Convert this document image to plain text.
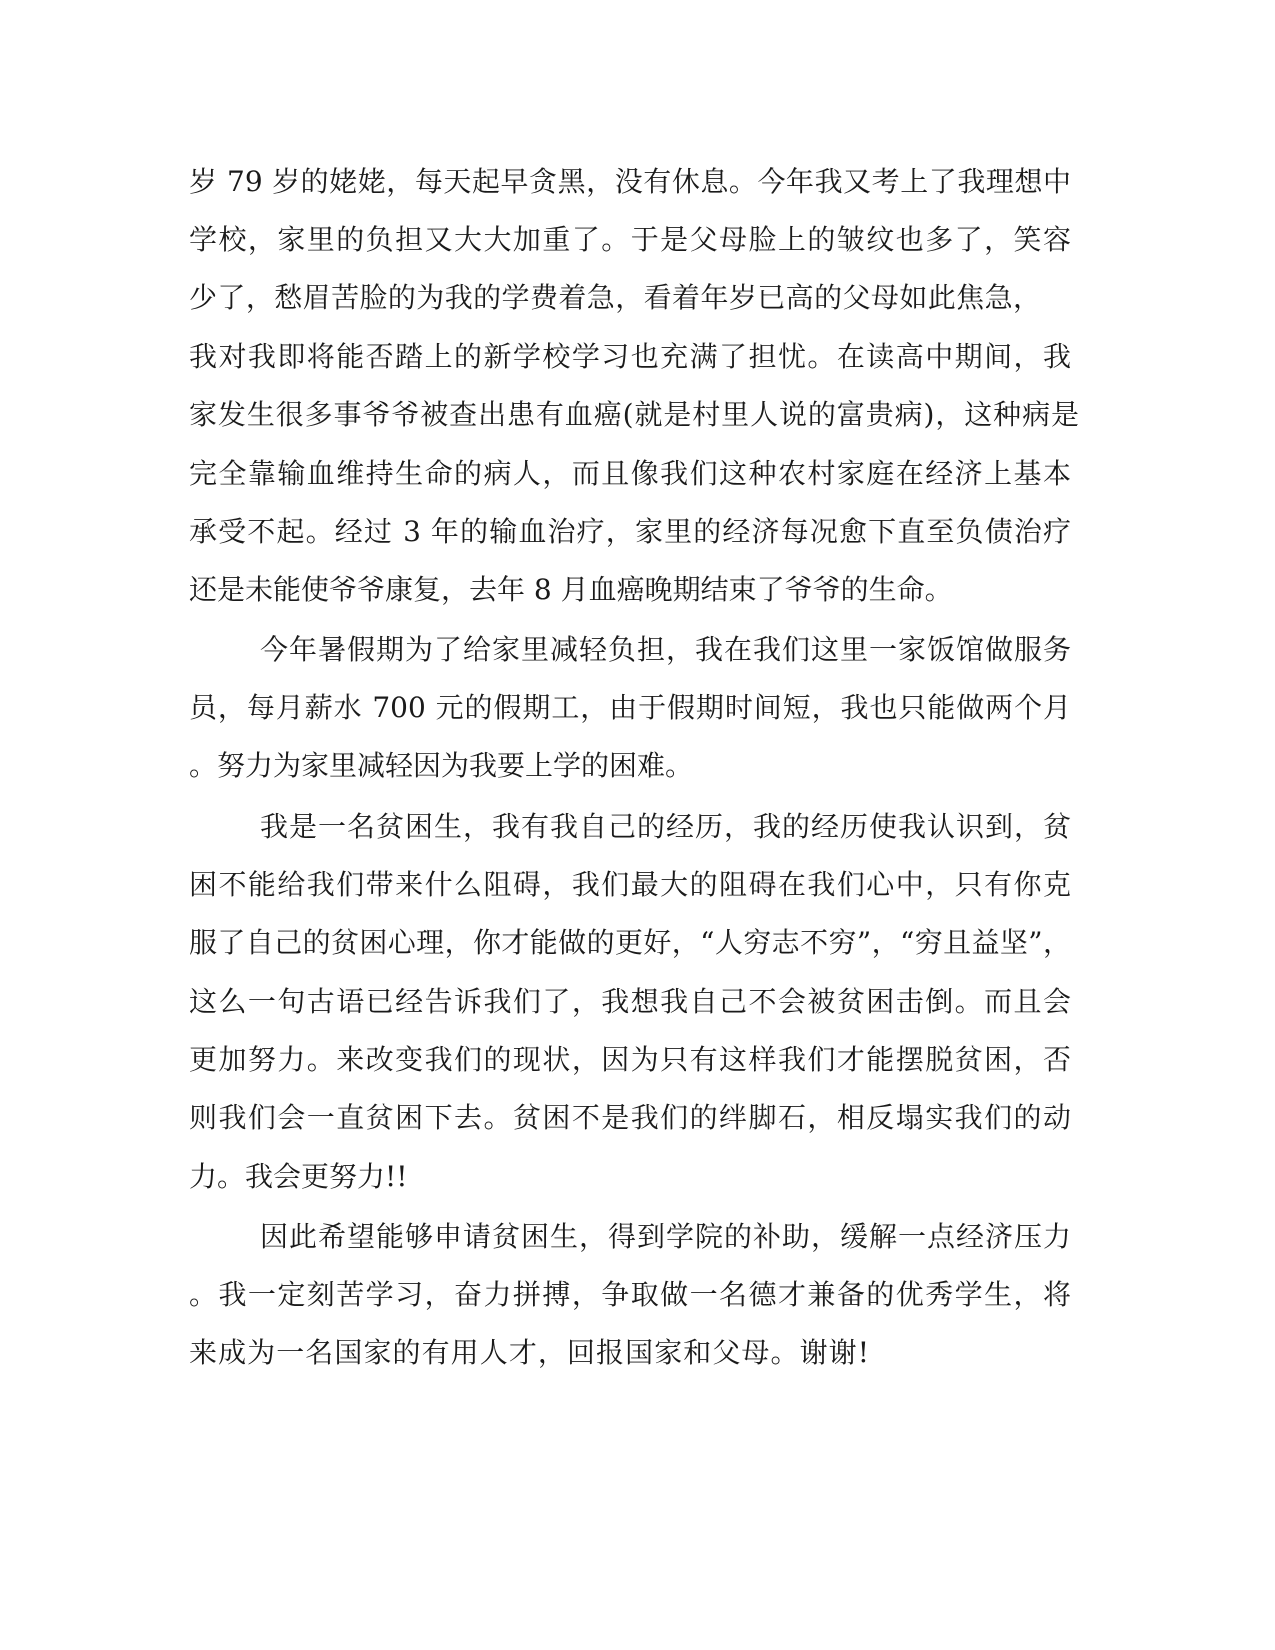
岁 79 岁的姥姥，每天起早贪黑，没有休息。今年我又考上了我理想中
学校，家里的负担又大大加重了。于是父母脸上的皱纹也多了，笑容
少了，愁眉苦脸的为我的学费着急，看着年岁已高的父母如此焦急，
我对我即将能否踏上的新学校学习也充满了担忧。在读高中期间，我
家发生很多事爷爷被查出患有血癌(就是村里人说的富贵病)，这种病是
完全靠输血维持生命的病人，而且像我们这种农村家庭在经济上基本
承受不起。经过 3 年的输血治疗，家里的经济每况愈下直至负债治疗
还是未能使爷爷康复，去年 8 月血癌晚期结束了爷爷的生命。
今年暑假期为了给家里减轻负担，我在我们这里一家饭馆做服务
员，每月薪水 700 元的假期工，由于假期时间短，我也只能做两个月
。努力为家里减轻因为我要上学的困难。
我是一名贫困生，我有我自己的经历，我的经历使我认识到，贫
困不能给我们带来什么阻碍，我们最大的阻碍在我们心中，只有你克
服了自己的贫困心理，你才能做的更好，“人穷志不穷”，“穷且益坚”，
这么一句古语已经告诉我们了，我想我自己不会被贫困击倒。而且会
更加努力。来改变我们的现状，因为只有这样我们才能摆脱贫困，否
则我们会一直贫困下去。贫困不是我们的绊脚石，相反塌实我们的动
力。我会更努力!!
因此希望能够申请贫困生，得到学院的补助，缓解一点经济压力
。我一定刻苦学习，奋力拼搏，争取做一名德才兼备的优秀学生，将
来成为一名国家的有用人才，回报国家和父母。谢谢!
